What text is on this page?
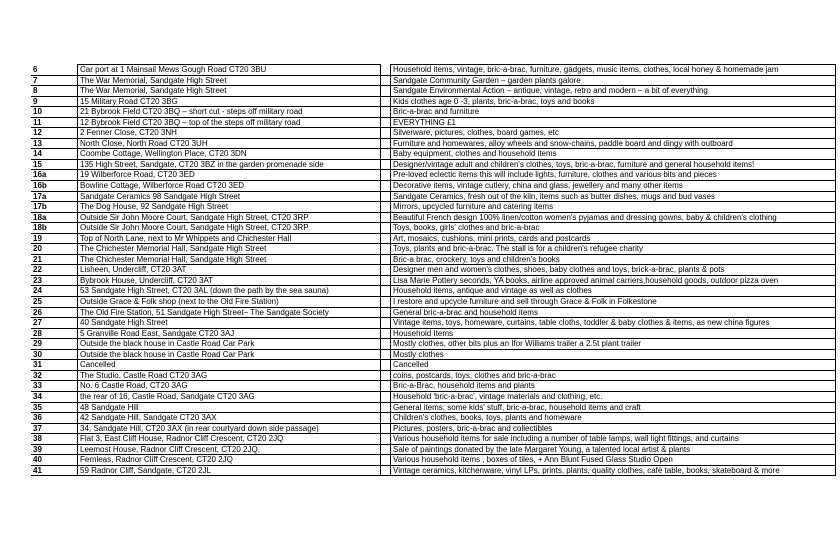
6		Car port at 1 Mainsail Mews Gough Road CT20 3BU		Household items, vintage, bric-a-brac, furniture, gadgets, music items, clothes, local honey & homemade jam
7		The War Memorial, Sandgate High Street		Sandgate Community Garden – garden plants galore
8		The War Memorial, Sandgate High Street		Sandgate Environmental Action – antique, vintage, retro and modern – a bit of everything
9		15 Military Road CT20 3BG		Kids clothes age 0 -3, plants, bric-a-brac, toys and books
10		21 Bybrook Field CT20 3BQ – short cut - steps off military road		Bric-a-brac and furniture
11		12 Bybrook Field CT20 3BQ – top of the steps off military road		EVERYTHING £1
12		2 Fenner Close, CT20 3NH		Silverware, pictures, clothes, board games, etc
13		North Close, North Road CT20 3UH		Furniture and homewares, alloy wheels and snow-chains, paddle board and dingy with outboard
14		Coombe Cottage, Wellington Place, CT20 3DN		Baby equipment, clothes and household items
15		135 High Street, Sandgate, CT20 3BZ in the garden promenade side		Designer/vintage adult and children's clothes, toys, bric-a-brac, furniture and general household items!
16a		19 Wilberforce Road, CT20 3ED		Pre-loved eclectic items this will include lights, furniture, clothes and various bits and pieces
16b		Bowline Cottage, Wilberforce Road CT20 3ED		Decorative items, vintage cutlery, china and glass, jewellery and many other items
17a		Sandgate Ceramics 98 Sandgate High Street		Sandgate Ceramics, fresh out of the kiln, items such as butter dishes, mugs and bud vases
17b		The Dog House, 92 Sandgate High Street		Mirrors, upcycled furniture and catering items
18a		Outside Sir John Moore Court, Sandgate High Street, CT20 3RP		Beautiful French design 100% linen/cotton women's pyjamas and dressing gowns, baby & children's clothing
18b		Outside Sir John Moore Court, Sandgate High Street, CT20 3RP		Toys, books, girls' clothes and bric-a-brac
19		Top of North Lane, next to Mr Whippets and Chichester Hall		Art, mosaics, cushions, mini prints, cards and postcards
20		The Chichester Memorial Hall, Sandgate High Street		Toys, plants and bric-a-brac. The stall is for a children's refugee charity
21		The Chichester Memorial Hall, Sandgate High Street		Bric-a brac, crockery, toys and children's books
22		Lisheen, Undercliff, CT20 3AT		Designer men and women's clothes, shoes, baby clothes and toys, brick-a-brac, plants & pots
23		Bybrook House, Undercliff, CT20 3AT		Lisa Marie Pottery seconds, YA books, airline approved animal carriers,household goods, outdoor pizza oven
24		53 Sandgate High Street, CT20 3AL (down the path by the sea sauna)		Household items, antique and vintage as well as clothes
25		Outside Grace & Folk shop (next to the Old Fire Station)		I restore and upcycle furniture and sell through Grace & Folk in Folkestone
26		The Old Fire Station, 51 Sandgate High Street– The Sandgate Society		General bric-a-brac and household items
27		40 Sandgate High Street		Vintage items, toys, homeware, curtains, table cloths, toddler & baby clothes & items, as new china figures
28		5 Granville Road East, Sandgate CT20 3AJ		Household Items
29		Outside the black house in Castle Road Car Park		Mostly clothes, other bits plus an Ifor Williams trailer a 2.5t plant trailer
30		Outside the black house in Castle Road Car Park		Mostly clothes
31		Cancelled		Cancelled
32		The Studio, Castle Road CT20 3AG		coins, postcards, toys, clothes and bric-a-brac
33		No. 6 Castle Road, CT20 3AG		Bric-a-Brac, household items and plants
34		the rear of 16, Castle Road, Sandgate CT20 3AG		Household 'bric-a-brac', vintage materials and clothing, etc.
35		48 Sandgate Hill		General items; some kids' stuff, bric-a-brac, household items and craft
36		42 Sandgate Hill, Sandgate CT20 3AX		Children's clothes, books, toys, plants and homeware
37		34, Sandgate Hill, CT20 3AX (in rear courtyard down side passage)		Pictures, posters, bric-a-brac and collectibles
38		Flat 3, East Cliff House, Radnor Cliff Crescent, CT20 2JQ		Various household items for sale including a number of table lamps, wall light fittings, and curtains
39		Leemost House, Radnor Cliff Crescent, CT20 2JQ.		Sale of paintings donated by the late Margaret Young, a talented local artist & plants
40		Fernleas, Radnor Cliff Crescent, CT20 2JQ		Various household items , boxes of tiles, + Ann Blunt Fused Glass Studio Open
41		59 Radnor Cliff, Sandgate, CT20 2JL		Vintage ceramics, kitchenware, vinyl LPs, prints, plants, quality clothes, café table, books, skateboard & more
